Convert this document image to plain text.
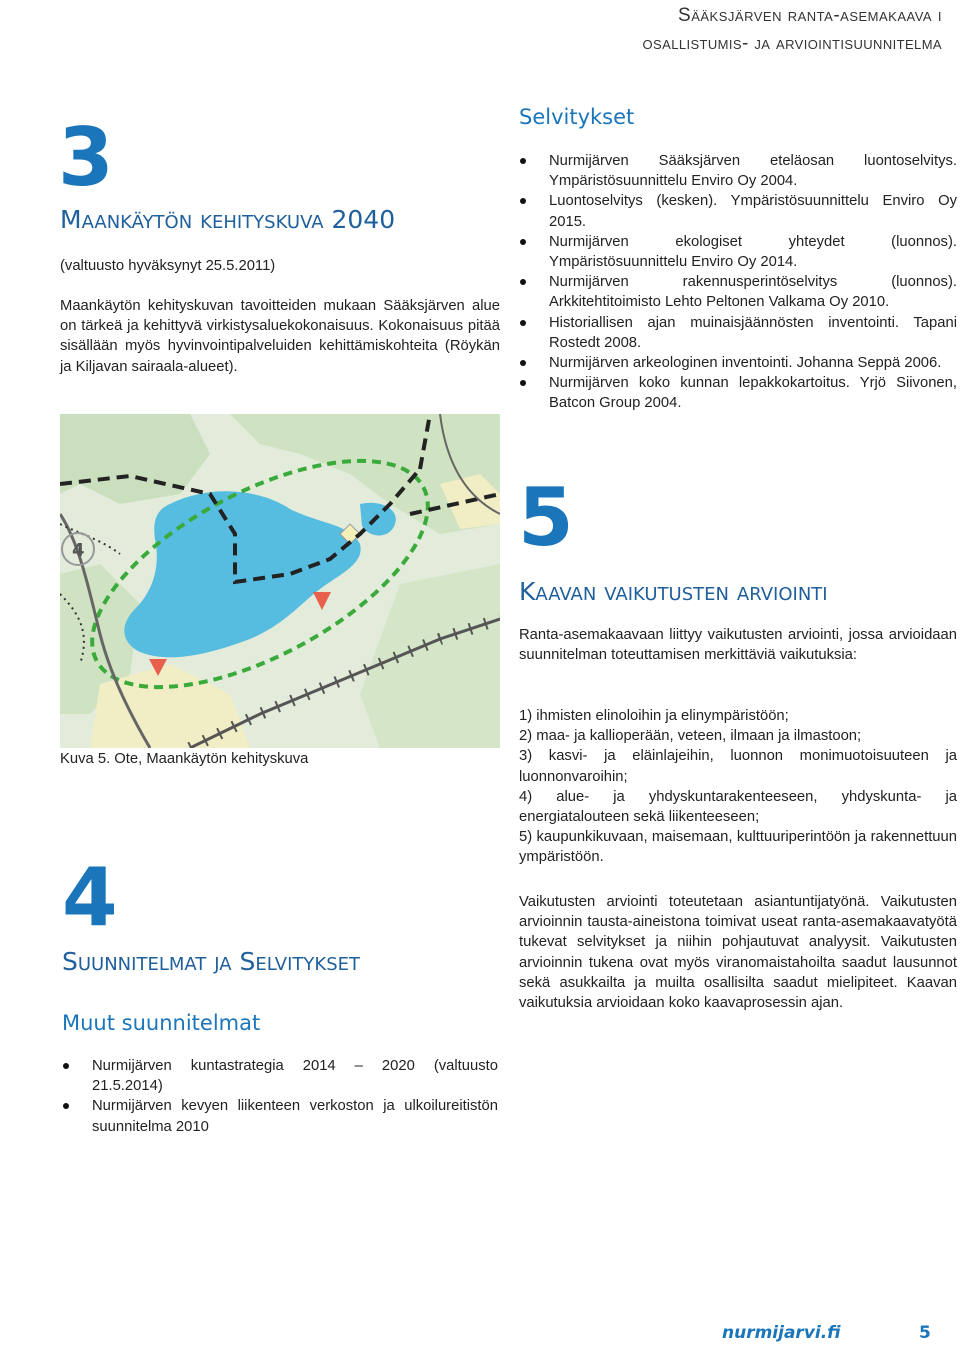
Sääksjärven ranta-asemakaava i
osallistumis- ja arviointisuunnitelma
3
Maankäytön kehityskuva 2040
(valtuusto hyväksynyt 25.5.2011)
Maankäytön kehityskuvan tavoitteiden mukaan Sääksjärven alue on tärkeä ja kehittyvä virkistysaluekokonaisuus. Kokonaisuus pitää sisällään myös hyvinvointipalveluiden kehittämiskohteita (Röykän ja Kiljavan sairaala-alueet).
4
Kuva 5. Ote, Maankäytön kehityskuva
4
Suunnitelmat ja Selvitykset
Muut suunnitelmat
Nurmijärven kuntastrategia 2014 – 2020 (valtuusto 21.5.2014)
Nurmijärven kevyen liikenteen verkoston ja ulkoilureitistön suunnitelma 2010
Selvitykset
Nurmijärven Sääksjärven eteläosan luontoselvitys. Ympäristösuunnittelu Enviro Oy 2004.
Luontoselvitys (kesken). Ympäristösuunnittelu Enviro Oy 2015.
Nurmijärven ekologiset yhteydet (luonnos). Ympäristösuunnittelu Enviro Oy 2014.
Nurmijärven rakennusperintöselvitys (luonnos). Arkkitehtitoimisto Lehto Peltonen Valkama Oy 2010.
Historiallisen ajan muinaisjäännösten inventointi. Tapani Rostedt 2008.
Nurmijärven arkeologinen inventointi. Johanna Seppä 2006.
Nurmijärven koko kunnan lepakkokartoitus. Yrjö Siivonen, Batcon Group 2004.
5
Kaavan vaikutusten arviointi
Ranta-asemakaavaan liittyy vaikutusten arviointi, jossa arvioidaan suunnitelman toteuttamisen merkittäviä vaikutuksia:

1) ihmisten elinoloihin ja elinympäristöön;

2) maa- ja kallioperään, veteen, ilmaan ja ilmastoon;

3) kasvi- ja eläinlajeihin, luonnon monimuotoisuuteen ja luonnonvaroihin;

4) alue- ja yhdyskuntarakenteeseen, yhdyskunta- ja energiatalouteen sekä liikenteeseen;

5) kaupunkikuvaan, maisemaan, kulttuuriperintöön ja rakennettuun ympäristöön.

Vaikutusten arviointi toteutetaan asiantuntijatyönä. Vaikutusten arvioinnin tausta-aineistona toimivat useat ranta-asemakaavatyötä tukevat selvitykset ja niihin pohjautuvat analyysit. Vaikutusten arvioinnin tukena ovat myös viranomaistahoilta saadut lausunnot sekä asukkailta ja muilta osallisilta saadut mielipiteet. Kaavan vaikutuksia arvioidaan koko kaavaprosessin ajan.
nurmijarvi.fi	5
